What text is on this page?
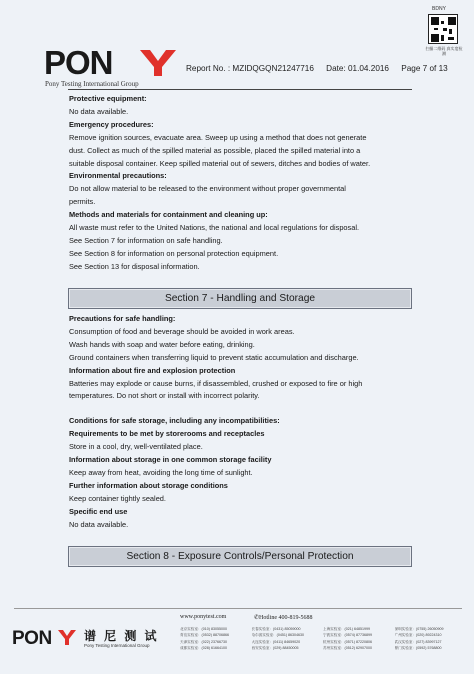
BDNY
扫描二维码 真实度检测
PON
Pony Testing International Group
Report No. : MZIDQGQN21247716 Date: 01.04.2016 Page 7 of 13
Protective equipment:
No data available.
Emergency procedures:
Remove ignition sources, evacuate area. Sweep up using a method that does not generate
dust. Collect as much of the spilled material as possible, placed the spilled material into a
suitable disposal container. Keep spilled material out of sewers, ditches and bodies of water.
Environmental precautions:
Do not allow material to be released to the environment without proper governmental
permits.
Methods and materials for containment and cleaning up:
All waste must refer to the United Nations, the national and local regulations for disposal.
See Section 7 for information on safe handling.
See Section 8 for information on personal protection equipment.
See Section 13 for disposal information.
Section 7 - Handling and Storage
Precautions for safe handling:
Consumption of food and beverage should be avoided in work areas.
Wash hands with soap and water before eating, drinking.
Ground containers when transferring liquid to prevent static accumulation and discharge.
Information about fire and explosion protection
Batteries may explode or cause burns, if disassembled, crushed or exposed to fire or high
temperatures. Do not short or install with incorrect polarity.
Conditions for safe storage, including any incompatibilities:
Requirements to be met by storerooms and receptacles
Store in a cool, dry, well-ventilated place.
Information about storage in one common storage facility
Keep away from heat, avoiding the long time of sunlight.
Further information about storage conditions
Keep container tightly sealed.
Specific end use
No data available.
Section 8 - Exposure Controls/Personal Protection
PON	谱 尼 测 试
Pony Testing International Group
www.ponytest.com	✆Hotline 400-819-5688
北京实验室：(010) 83055000	长春实验室：(0431) 85059000	上海实验室：(021) 64851999	深圳实验室：(0755) 26050909
青岛实验室：(0532) 88706866	哈尔滨实验室：(0451) 86304630	宁波实验室：(0574) 87736899	广州实验室：(020) 89224310
天津实验室：(022) 23766730	大连实验室：(0411) 84659020	杭州实验室：(0571) 87220806	武汉实验室：(027) 83997127
成都实验室：(028) 61664100	西安实验室：(029) 88450005	苏州实验室：(0512) 62907000	厦门实验室：(0592) 5768800
